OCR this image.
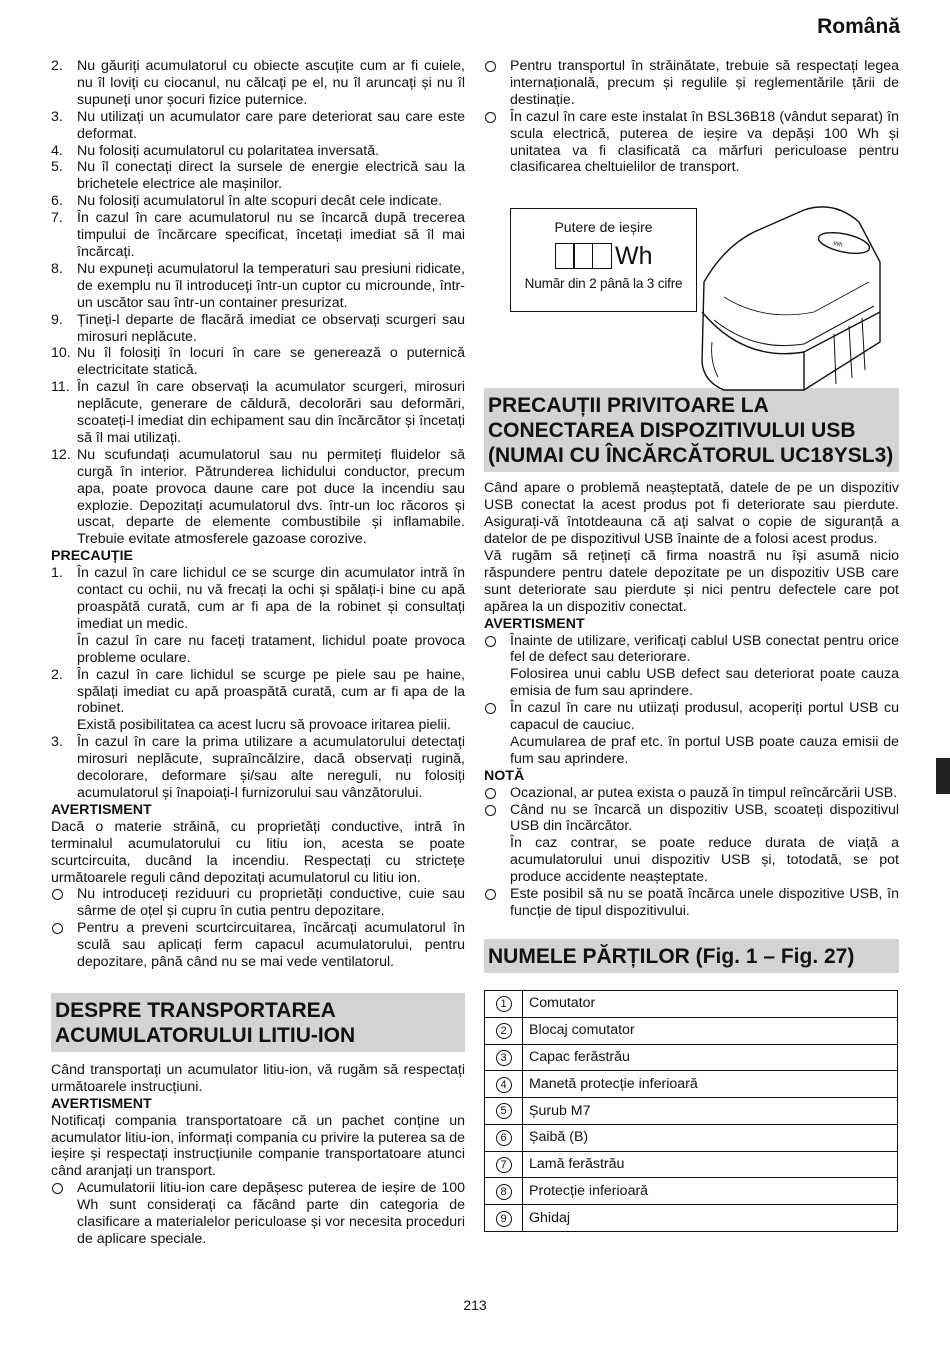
Română
2. Nu găuriți acumulatorul cu obiecte ascuțite cum ar fi cuiele, nu îl loviți cu ciocanul, nu călcați pe el, nu îl aruncați și nu îl supuneți unor șocuri fizice puternice.
3. Nu utilizați un acumulator care pare deteriorat sau care este deformat.
4. Nu folosiți acumulatorul cu polaritatea inversată.
5. Nu îl conectați direct la sursele de energie electrică sau la brichetele electrice ale mașinilor.
6. Nu folosiți acumulatorul în alte scopuri decât cele indicate.
7. În cazul în care acumulatorul nu se încarcă după trecerea timpului de încărcare specificat, încetați imediat să îl mai încărcați.
8. Nu expuneți acumulatorul la temperaturi sau presiuni ridicate, de exemplu nu îl introduceți într-un cuptor cu microunde, într-un uscător sau într-un container presurizat.
9. Țineți-l departe de flacără imediat ce observați scurgeri sau mirosuri neplăcute.
10. Nu îl folosiți în locuri în care se generează o puternică electricitate statică.
11. În cazul în care observați la acumulator scurgeri, mirosuri neplăcute, generare de căldură, decolorări sau deformări, scoateți-l imediat din echipament sau din încărcător și încetați să îl mai utilizați.
12. Nu scufundați acumulatorul sau nu permiteți fluidelor să curgă în interior. Pătrunderea lichidului conductor, precum apa, poate provoca daune care pot duce la incendiu sau explozie. Depozitați acumulatorul dvs. într-un loc răcoros și uscat, departe de elemente combustibile și inflamabile. Trebuie evitate atmosferele gazoase corozive.
PRECAUȚIE
1. În cazul în care lichidul ce se scurge din acumulator intră în contact cu ochii, nu vă frecați la ochi și spălați-i bine cu apă proaspătă curată, cum ar fi apa de la robinet și consultați imediat un medic.
În cazul în care nu faceți tratament, lichidul poate provoca probleme oculare.
2. În cazul în care lichidul se scurge pe piele sau pe haine, spălați imediat cu apă proaspătă curată, cum ar fi apa de la robinet.
Există posibilitatea ca acest lucru să provoace iritarea pielii.
3. În cazul în care la prima utilizare a acumulatorului detectați mirosuri neplăcute, supraîncălzire, dacă observați rugină, decolorare, deformare și/sau alte nereguli, nu folosiți acumulatorul și înapoiați-l furnizorului sau vânzătorului.
AVERTISMENT

Dacă o materie străină, cu proprietăți conductive, intră în terminalul acumulatorului cu litiu ion, acesta se poate scurtcircuita, ducând la incendiu. Respectați cu strictețe următoarele reguli când depozitați acumulatorul cu litiu ion.

Nu introduceți reziduuri cu proprietăți conductive, cuie sau sârme de oțel și cupru în cutia pentru depozitare.
Pentru a preveni scurtcircuitarea, încărcați acumulatorul în sculă sau aplicați ferm capacul acumulatorului, pentru depozitare, până când nu se mai vede ventilatorul.
DESPRE TRANSPORTAREA ACUMULATORULUI LITIU-ION

Când transportați un acumulator litiu-ion, vă rugăm să respectați următoarele instrucțiuni.

AVERTISMENT

Notificați compania transportatoare că un pachet conține un acumulator litiu-ion, informați compania cu privire la puterea sa de ieșire și respectați instrucțiunile companie transportatoare atunci când aranjați un transport.

Acumulatorii litiu-ion care depășesc puterea de ieșire de 100 Wh sunt considerați ca făcând parte din categoria de clasificare a materialelor periculoase și vor necesita proceduri de aplicare speciale.
Pentru transportul în străinătate, trebuie să respectați legea internațională, precum și regulile și reglementările țării de destinație.
În cazul în care este instalat în BSL36B18 (vândut separat) în scula electrică, puterea de ieșire va depăși 100 Wh și unitatea va fi clasificată ca mărfuri periculoase pentru clasificarea cheltuielilor de transport.
Putere de ieșire
Wh
Număr din 2 până la 3 cifre
Wh
PRECAUȚII PRIVITOARE LA CONECTAREA DISPOZITIVULUI USB (NUMAI CU ÎNCĂRCĂTORUL UC18YSL3)

Când apare o problemă neașteptată, datele de pe un dispozitiv USB conectat la acest produs pot fi deteriorate sau pierdute. Asigurați-vă întotdeauna că ați salvat o copie de siguranță a datelor de pe dispozitivul USB înainte de a folosi acest produs.

Vă rugăm să rețineți că firma noastră nu își asumă nicio răspundere pentru datele depozitate pe un dispozitiv USB care sunt deteriorate sau pierdute și nici pentru defectele care pot apărea la un dispozitiv conectat.

AVERTISMENT
Înainte de utilizare, verificați cablul USB conectat pentru orice fel de defect sau deteriorare.
Folosirea unui cablu USB defect sau deteriorat poate cauza emisia de fum sau aprindere.
În cazul în care nu utiizați produsul, acoperiți portul USB cu capacul de cauciuc.
Acumularea de praf etc. în portul USB poate cauza emisii de fum sau aprindere.
NOTĂ
Ocazional, ar putea exista o pauză în timpul reîncărcării USB.
Când nu se încarcă un dispozitiv USB, scoateți dispozitivul USB din încărcător.
În caz contrar, se poate reduce durata de viață a acumulatorului unui dispozitiv USB și, totodată, se pot produce accidente neașteptate.
Este posibil să nu se poată încărca unele dispozitive USB, în funcție de tipul dispozitivului.
NUMELE PĂRȚILOR (Fig. 1 – Fig. 27)
1	Comutator
2	Blocaj comutator
3	Capac ferăstrău
4	Manetă protecție inferioară
5	Șurub M7
6	Șaibă (B)
7	Lamă ferăstrău
8	Protecție inferioară
9	Ghidaj
213
